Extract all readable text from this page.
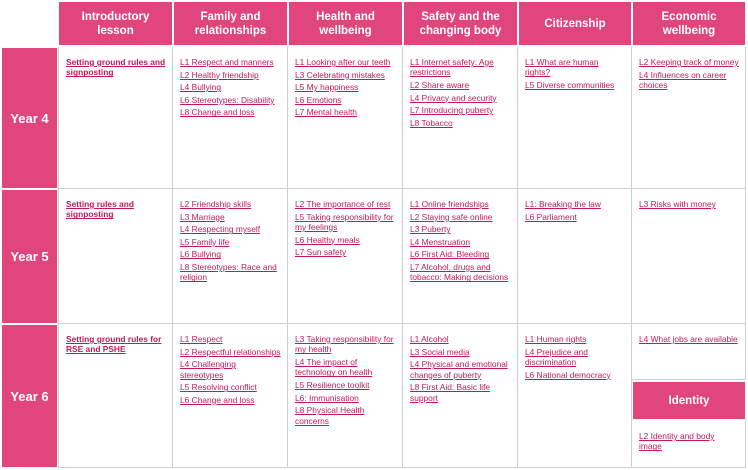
Introductory lesson
Family and relationships
Health and wellbeing
Safety and the changing body
Citizenship
Economic wellbeing
Year 4
Setting ground rules and signposting
L1 Respect and manners
L2 Healthy friendship
L4 Bullying
L6 Stereotypes: Disability
L8 Change and loss
L1 Looking after our teeth
L3 Celebrating mistakes
L5 My happiness
L6 Emotions
L7 Mental health
L1 Internet safety: Age restrictions
L2 Share aware
L4 Privacy and security
L7 Introducing puberty
L8 Tobacco
L1 What are human rights?
L5 Diverse communities
L2 Keeping track of money
L4 Influences on career choices
Year 5
Setting rules and signposting
L2 Friendship skills
L3 Marriage
L4 Respecting myself
L5 Family life
L6 Bullying
L8 Stereotypes: Race and religion
L2 The importance of rest
L5 Taking responsibility for my feelings
L6 Healthy meals
L7 Sun safety
L1 Online friendships
L2 Staying safe online
L3 Puberty
L4 Menstruation
L6 First Aid: Bleeding
L7 Alcohol, drugs and tobacco: Making decisions
L1: Breaking the law
L6 Parliament
L3 Risks with money
Year 6
Setting ground rules for RSE and PSHE
L1 Respect
L2 Respectful relationships
L4 Challenging stereotypes
L5 Resolving conflict
L6 Change and loss
L3 Taking responsibility for my health
L4 The impact of technology on health
L5 Resilience toolkit
L6: Immunisation
L8 Physical Health concerns
L1 Alcohol
L3 Social media
L4 Physical and emotional changes of puberty
L8 First Aid: Basic life support
L1 Human rights
L4 Prejudice and discrimination
L6 National democracy
L4 What jobs are available
Identity
L2 Identity and body image
